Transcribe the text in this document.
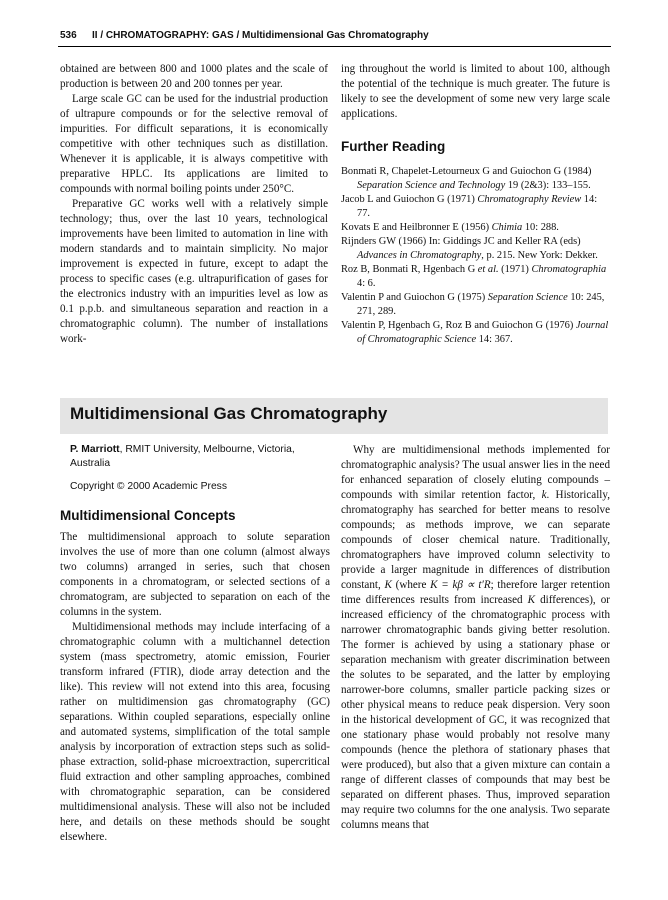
536 II / CHROMATOGRAPHY: GAS / Multidimensional Gas Chromatography

obtained are between 800 and 1000 plates and the scale of production is between 20 and 200 tonnes per year.

Large scale GC can be used for the industrial production of ultrapure compounds or for the selective removal of impurities. For difficult separations, it is economically competitive with other techniques such as distillation. Whenever it is applicable, it is always competitive with preparative HPLC. Its applications are limited to compounds with normal boiling points under 250°C.

Preparative GC works well with a relatively simple technology; thus, over the last 10 years, technological improvements have been limited to automation in line with modern standards and to maintain simplicity. No major improvement is expected in future, except to adapt the process to specific cases (e.g. ultrapurification of gases for the electronics industry with an impurities level as low as 0.1 p.p.b. and simultaneous separation and reaction in a chromatographic column). The number of installations work-

ing throughout the world is limited to about 100, although the potential of the technique is much greater. The future is likely to see the development of some new very large scale applications.

Further Reading

Bonmati R, Chapelet-Letourneux G and Guiochon G (1984) Separation Science and Technology 19 (2&3): 133–155.

Jacob L and Guiochon G (1971) Chromatography Review 14: 77.

Kovats E and Heilbronner E (1956) Chimia 10: 288.

Rijnders GW (1966) In: Giddings JC and Keller RA (eds) Advances in Chromatography, p. 215. New York: Dekker.

Roz B, Bonmati R, Hgenbach G et al. (1971) Chromatographia 4: 6.

Valentin P and Guiochon G (1975) Separation Science 10: 245, 271, 289.

Valentin P, Hgenbach G, Roz B and Guiochon G (1976) Journal of Chromatographic Science 14: 367.

Multidimensional Gas Chromatography

P. Marriott, RMIT University, Melbourne, Victoria, Australia

Copyright © 2000 Academic Press

Multidimensional Concepts

The multidimensional approach to solute separation involves the use of more than one column (almost always two columns) arranged in series, such that chosen components in a chromatogram, or selected sections of a chromatogram, are subjected to separation on each of the columns in the system.

Multidimensional methods may include interfacing of a chromatographic column with a multichannel detection system (mass spectrometry, atomic emission, Fourier transform infrared (FTIR), diode array detection and the like). This review will not extend into this area, focusing rather on multidimension gas chromatography (GC) separations. Within coupled separations, especially online and automated systems, simplification of the total sample analysis by incorporation of extraction steps such as solid-phase extraction, solid-phase microextraction, supercritical fluid extraction and other sampling approaches, combined with chromatographic separation, can be considered multidimensional analysis. These will also not be included here, and details on these methods should be sought elsewhere.

Why are multidimensional methods implemented for chromatographic analysis? The usual answer lies in the need for enhanced separation of closely eluting compounds – compounds with similar retention factor, k. Historically, chromatography has searched for better means to resolve compounds; as methods improve, we can separate compounds of closer chemical nature. Traditionally, chromatographers have improved column selectivity to provide a larger magnitude in differences of distribution constant, K (where K = kβ ∝ t′R; therefore larger retention time differences results from increased K differences), or increased efficiency of the chromatographic process with narrower chromatographic bands giving better resolution. The former is achieved by using a stationary phase or separation mechanism with greater discrimination between the solutes to be separated, and the latter by employing narrower-bore columns, smaller particle packing sizes or other physical means to reduce peak dispersion. Very soon in the historical development of GC, it was recognized that one stationary phase would probably not resolve many compounds (hence the plethora of stationary phases that were produced), but also that a given mixture can contain a range of different classes of compounds that may best be separated on different phases. Thus, improved separation may require two columns for the one analysis. Two separate columns means that
